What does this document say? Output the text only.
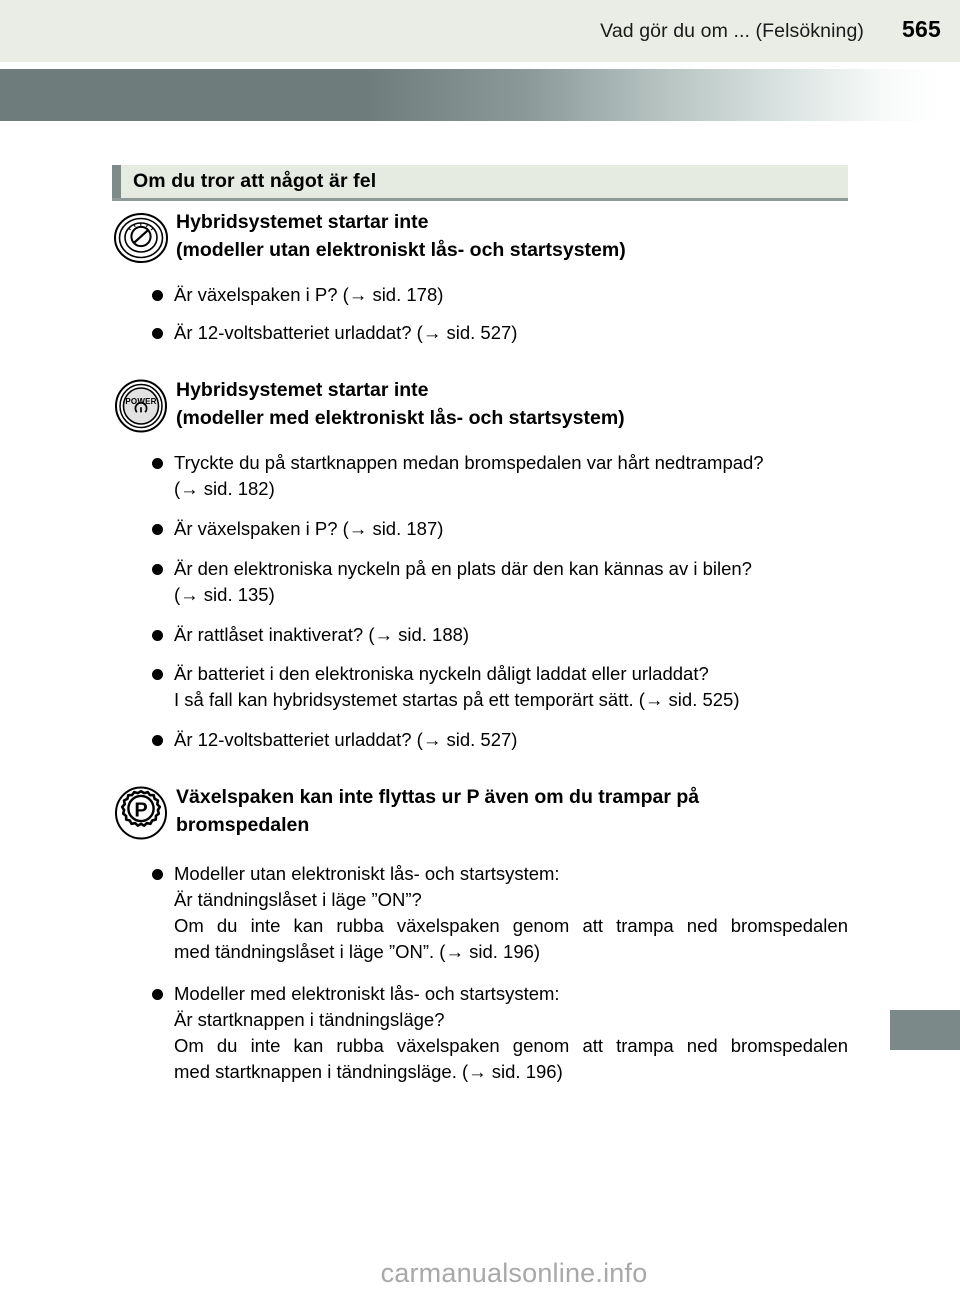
Vad gör du om ... (Felsökning) 565
Om du tror att något är fel
Hybridsystemet startar inte
(modeller utan elektroniskt lås- och startsystem)
Är växelspaken i P? (→ sid. 178)
Är 12-voltsbatteriet urladdat? (→ sid. 527)
POWER
Hybridsystemet startar inte
(modeller med elektroniskt lås- och startsystem)
Tryckte du på startknappen medan bromspedalen var hårt nedtrampad?
(→ sid. 182)
Är växelspaken i P? (→ sid. 187)
Är den elektroniska nyckeln på en plats där den kan kännas av i bilen?
(→ sid. 135)
Är rattlåset inaktiverat? (→ sid. 188)
Är batteriet i den elektroniska nyckeln dåligt laddat eller urladdat?
I så fall kan hybridsystemet startas på ett temporärt sätt. (→ sid. 525)
Är 12-voltsbatteriet urladdat? (→ sid. 527)
P
Växelspaken kan inte flyttas ur P även om du trampar på
bromspedalen
Modeller utan elektroniskt lås- och startsystem:
Är tändningslåset i läge ”ON”?
Om du inte kan rubba växelspaken genom att trampa ned bromspedalen
med tändningslåset i läge ”ON”. (→ sid. 196)
Modeller med elektroniskt lås- och startsystem:
Är startknappen i tändningsläge?
Om du inte kan rubba växelspaken genom att trampa ned bromspedalen
med startknappen i tändningsläge. (→ sid. 196)
carmanualsonline.info
